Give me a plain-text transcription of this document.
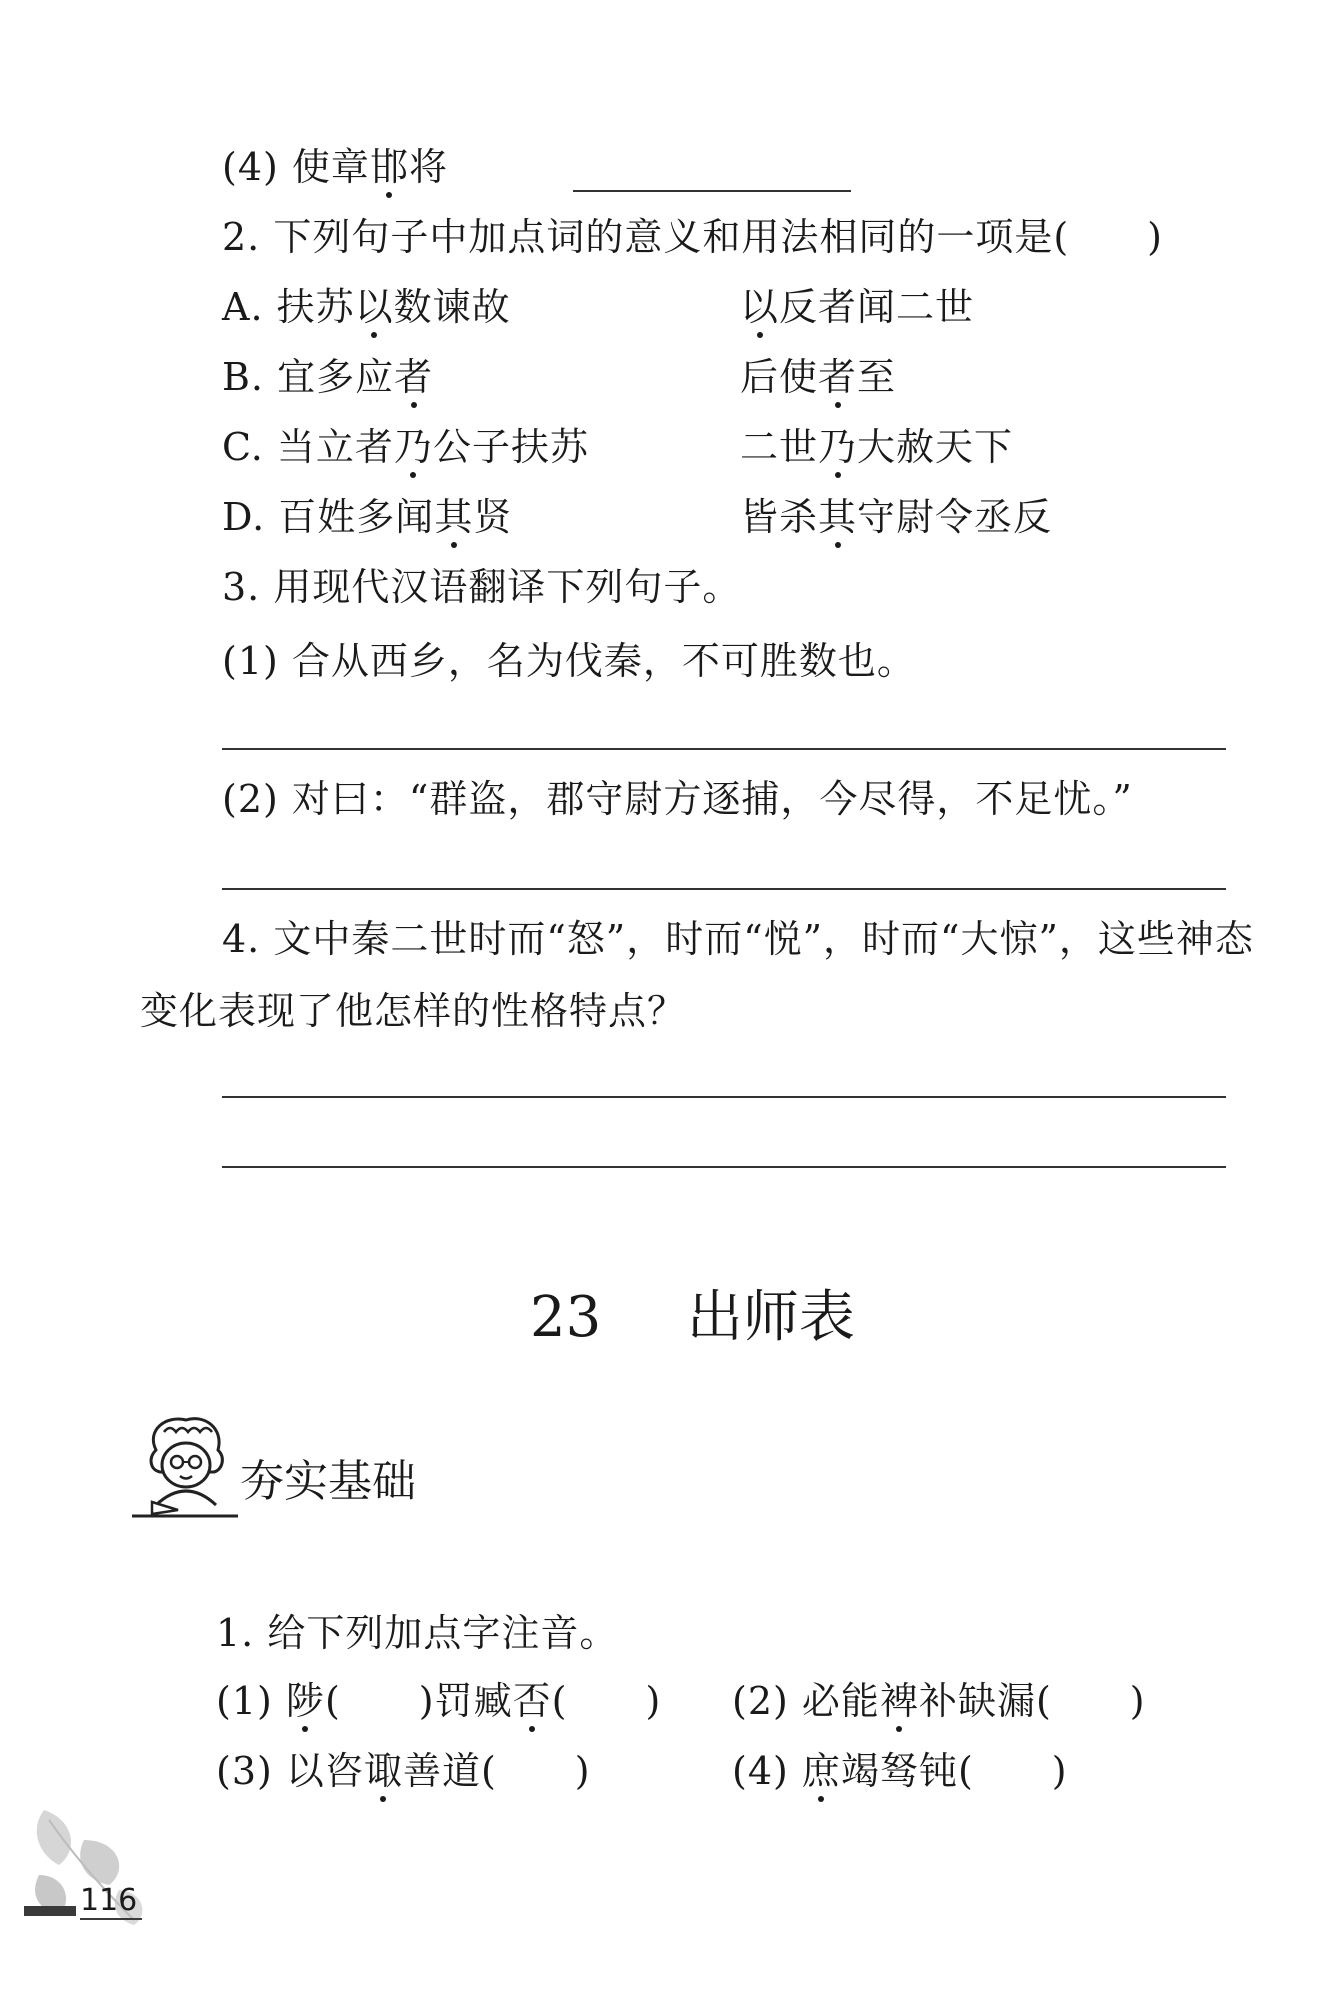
(4) 使章邯将
2. 下列句子中加点词的意义和用法相同的一项是(　　)
A. 扶苏以数谏故	以反者闻二世
B. 宜多应者	后使者至
C. 当立者乃公子扶苏	二世乃大赦天下
D. 百姓多闻其贤	皆杀其守尉令丞反
3. 用现代汉语翻译下列句子。
(1) 合从西乡，名为伐秦，不可胜数也。
(2) 对曰：“群盗，郡守尉方逐捕，今尽得，不足忧。”
4. 文中秦二世时而“怒”，时而“悦”，时而“大惊”，这些神态
变化表现了他怎样的性格特点？
23 出师表
夯实基础
1. 给下列加点字注音。
(1) 陟(　　)罚臧否(　　) (2) 必能裨补缺漏(　　)
(3) 以咨诹善道(　　)	(4) 庶竭驽钝(　　)
116
